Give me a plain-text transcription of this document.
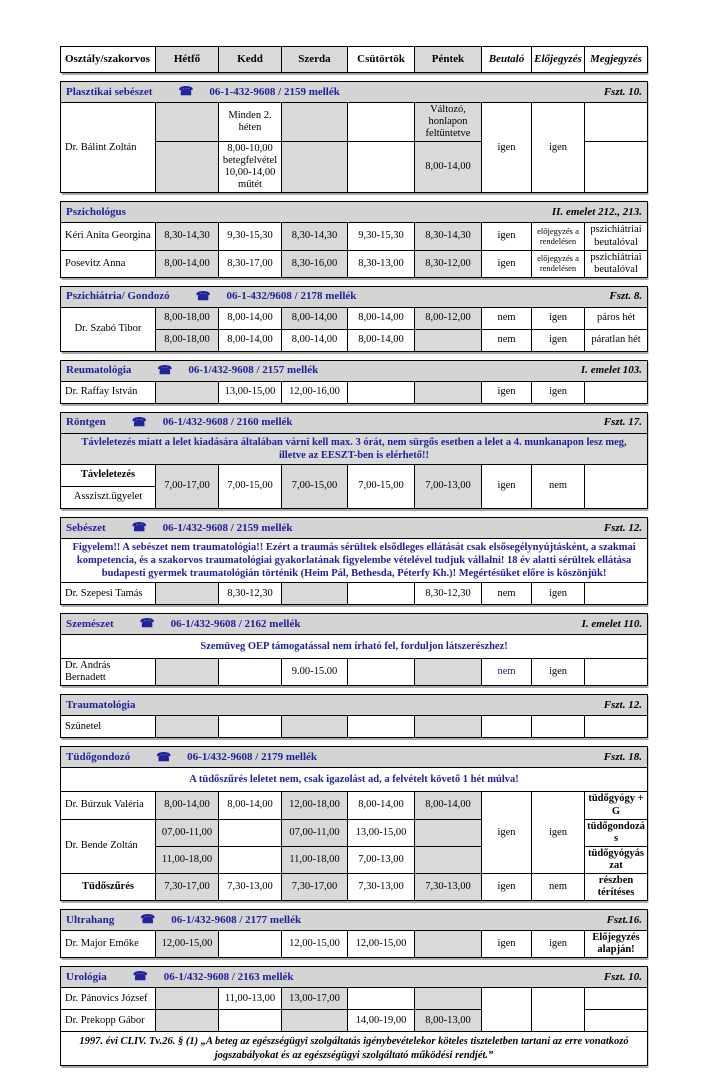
Osztály/szakorvos	Hétfő	Kedd	Szerda	Csütörtök	Péntek	Beutaló	Előjegyzés	Megjegyzés
Plasztikai sebészet ☎ 06-1-432-9608 / 2159 mellék Fszt. 10.								

Dr. Bálint Zoltán		Minden 2. héten			Változó, honlapon feltüntetve	igen	igen	
		8,00-10,00 betegfelvétel 10,00-14,00 műtét			8,00-14,00			
Pszichológus II. emelet 212., 213.								

Kéri Anita Georgina	8,30-14,30	9,30-15,30	8,30-14,30	9,30-15,30	8,30-14,30	igen	előjegyzés a rendelésen	pszichiátriai beutalóval
Posevitz Anna	8,00-14,00	8,30-17,00	8,30-16,00	8,30-13,00	8,30-12,00	igen	előjegyzés a rendelésen	pszichiátriai beutalóval
Pszichiátria/ Gondozó ☎ 06-1-432/9608 / 2178 mellék Fszt. 8.								

Dr. Szabó Tibor	8,00-18,00	8,00-14,00	8,00-14,00	8,00-14,00	8,00-12,00	nem	igen	páros hét
	8,00-18,00	8,00-14,00	8,00-14,00	8,00-14,00		nem	igen	páratlan hét
Reumatológia ☎ 06-1/432-9608 / 2157 mellék	I. emelet 103.

Dr. Raffay István		13,00-15,00	12,00-16,00			igen	igen	
Röntgen ☎ 06-1/432-9608 / 2160 mellék	Fszt. 17.

Távleletezés miatt a lelet kiadására általában várni kell max. 3 órát, nem sürgős esetben a lelet a 4. munkanapon lesz meg, illetve az EESZT-ben is elérhető!!
Távleletezés	7,00-17,00	7,00-15,00	7,00-15,00	7,00-15,00	7,00-13,00	igen	nem	
Assziszt.ügyelet
Sebészet ☎ 06-1/432-9608 / 2159 mellék	Fszt. 12.

Figyelem!! A sebészet nem traumatológia!! Ezért a traumás sérültek elsődleges ellátását csak elsősegélynyújtásként, a szakmai kompetencia, és a szakorvos traumatológiai gyakorlatának figyelembe vételével tudjuk vállalni! 18 év alatti sérültek ellátása budapesti gyermek traumatológián történik (Heim Pál, Bethesda, Péterfy Kh.)! Megértésüket előre is köszönjük!
Dr. Szepesi Tamás		8,30-12,30			8,30-12,30	nem	igen	
Szemészet ☎ 06-1/432-9608 / 2162 mellék	I. emelet 110.

Szemüveg OEP támogatással nem írható fel, forduljon látszerészhez!
Dr. András Bernadett			9.00-15.00			nem	igen	
Traumatológia	Fszt. 12.

Szünetel								
Tüdőgondozó ☎ 06-1/432-9608 / 2179 mellék Fszt. 18.								

A tüdőszűrés leletet nem, csak igazolást ad, a felvételt követő 1 hét múlva!								
Dr. Búrzuk Valéria	8,00-14,00	8,00-14,00	12,00-18,00	8,00-14,00	8,00-14,00	igen	igen	tüdőgyógy + G
Dr. Bende Zoltán	07,00-11,00		07,00-11,00	13,00-15,00				tüdőgondozás
	11,00-18,00		11,00-18,00	7,00-13,00				tüdőgyógyászat
Tüdőszűrés	7,30-17,00	7,30-13,00	7,30-17,00	7,30-13,00	7,30-13,00	igen	nem	részben térítéses
Ultrahang ☎ 06-1/432-9608 / 2177 mellék	Fszt.16.

Dr. Major Emőke	12,00-15,00		12,00-15,00	12,00-15,00		igen	igen	Előjegyzés alapján!
Urológia ☎ 06-1/432-9608 / 2163 mellék Fszt. 10.								

Dr. Pánovics József		11,00-13,00	13,00-17,00					
Dr. Prekopp Gábor				14,00-19,00	8,00-13,00			
1997. évi CLIV. Tv.26. § (1) „A beteg az egészségügyi szolgáltatás igénybevételekor köteles tiszteletben tartani az erre vonatkozó jogszabályokat és az egészségügyi szolgáltató működési rendjét.”								
